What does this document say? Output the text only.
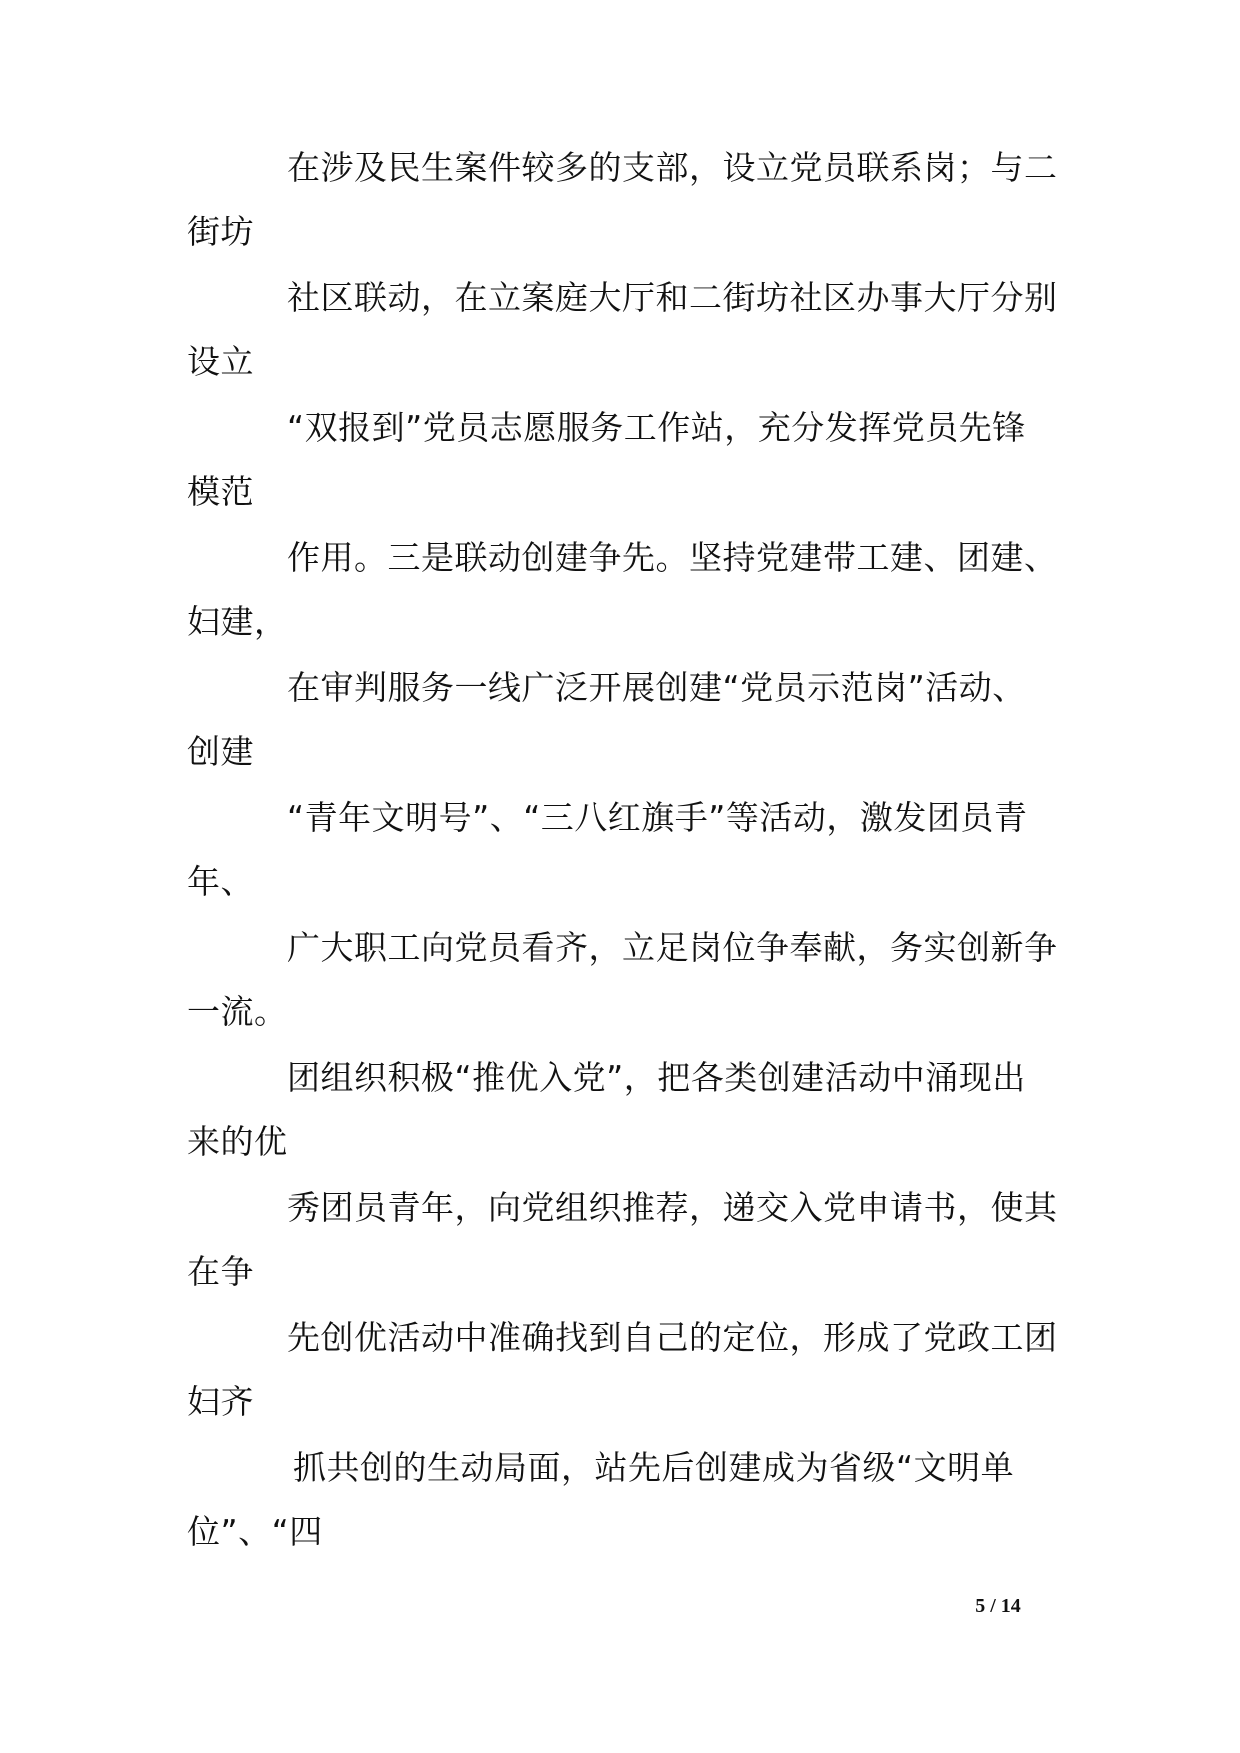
在涉及民生案件较多的支部，设立党员联系岗；与二
街坊
社区联动，在立案庭大厅和二街坊社区办事大厅分别
设立
“双报到”党员志愿服务工作站，充分发挥党员先锋
模范
作用。三是联动创建争先。坚持党建带工建、团建、
妇建，
在审判服务一线广泛开展创建“党员示范岗”活动、
创建
“青年文明号”、“三八红旗手”等活动，激发团员青
年、
广大职工向党员看齐，立足岗位争奉献，务实创新争
一流。
团组织积极“推优入党”，把各类创建活动中涌现出
来的优
秀团员青年，向党组织推荐，递交入党申请书，使其
在争
先创优活动中准确找到自己的定位，形成了党政工团
妇齐
抓共创的生动局面，站先后创建成为省级“文明单
位”、“四
5 / 14
